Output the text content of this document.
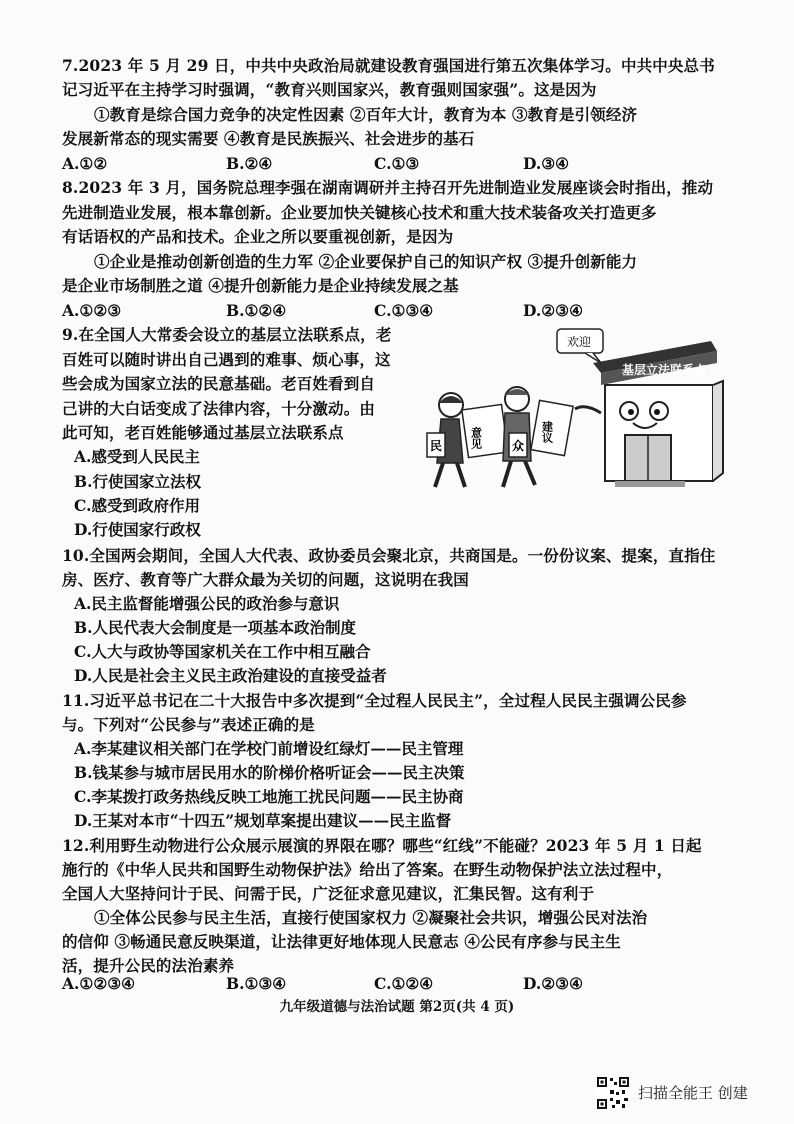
7.2023 年 5 月 29 日，中共中央政治局就建设教育强国进行第五次集体学习。中共中央总书
记习近平在主持学习时强调，“教育兴则国家兴，教育强则国家强”。这是因为
①教育是综合国力竞争的决定性因素 ②百年大计，教育为本 ③教育是引领经济
发展新常态的现实需要 ④教育是民族振兴、社会进步的基石
A.①②	B.②④	C.①③	D.③④
8.2023 年 3 月，国务院总理李强在湖南调研并主持召开先进制造业发展座谈会时指出，推动
先进制造业发展，根本靠创新。企业要加快关键核心技术和重大技术装备攻关打造更多
有话语权的产品和技术。企业之所以要重视创新，是因为
①企业是推动创新创造的生力军 ②企业要保护自己的知识产权 ③提升创新能力
是企业市场制胜之道 ④提升创新能力是企业持续发展之基
A.①②③	B.①②④	C.①③④	D.②③④
9.在全国人大常委会设立的基层立法联系点，老
百姓可以随时讲出自己遇到的难事、烦心事，这
些会成为国家立法的民意基础。老百姓看到自
己讲的大白话变成了法律内容，十分激动。由
此可知，老百姓能够通过基层立法联系点
A.感受到人民民主
B.行使国家立法权
C.感受到政府作用
D.行使国家行政权
基层立法联系点
欢迎
民 意见 众
建议
10.全国两会期间，全国人大代表、政协委员会聚北京，共商国是。一份份议案、提案，直指住
房、医疗、教育等广大群众最为关切的问题，这说明在我国
A.民主监督能增强公民的政治参与意识
B.人民代表大会制度是一项基本政治制度
C.人大与政协等国家机关在工作中相互融合
D.人民是社会主义民主政治建设的直接受益者
11.习近平总书记在二十大报告中多次提到“全过程人民民主”，全过程人民民主强调公民参
与。下列对“公民参与”表述正确的是
A.李某建议相关部门在学校门前增设红绿灯——民主管理
B.钱某参与城市居民用水的阶梯价格听证会——民主决策
C.李某拨打政务热线反映工地施工扰民问题——民主协商
D.王某对本市“十四五”规划草案提出建议——民主监督
12.利用野生动物进行公众展示展演的界限在哪？哪些“红线”不能碰？2023 年 5 月 1 日起
施行的《中华人民共和国野生动物保护法》给出了答案。在野生动物保护法立法过程中，
全国人大坚持问计于民、问需于民，广泛征求意见建议，汇集民智。这有利于
①全体公民参与民主生活，直接行使国家权力 ②凝聚社会共识，增强公民对法治
的信仰 ③畅通民意反映渠道，让法律更好地体现人民意志 ④公民有序参与民主生
活，提升公民的法治素养
A.①②③④	B.①③④	C.①②④	D.②③④
九年级道德与法治试题 第2页(共 4 页)
扫描全能王 创建
